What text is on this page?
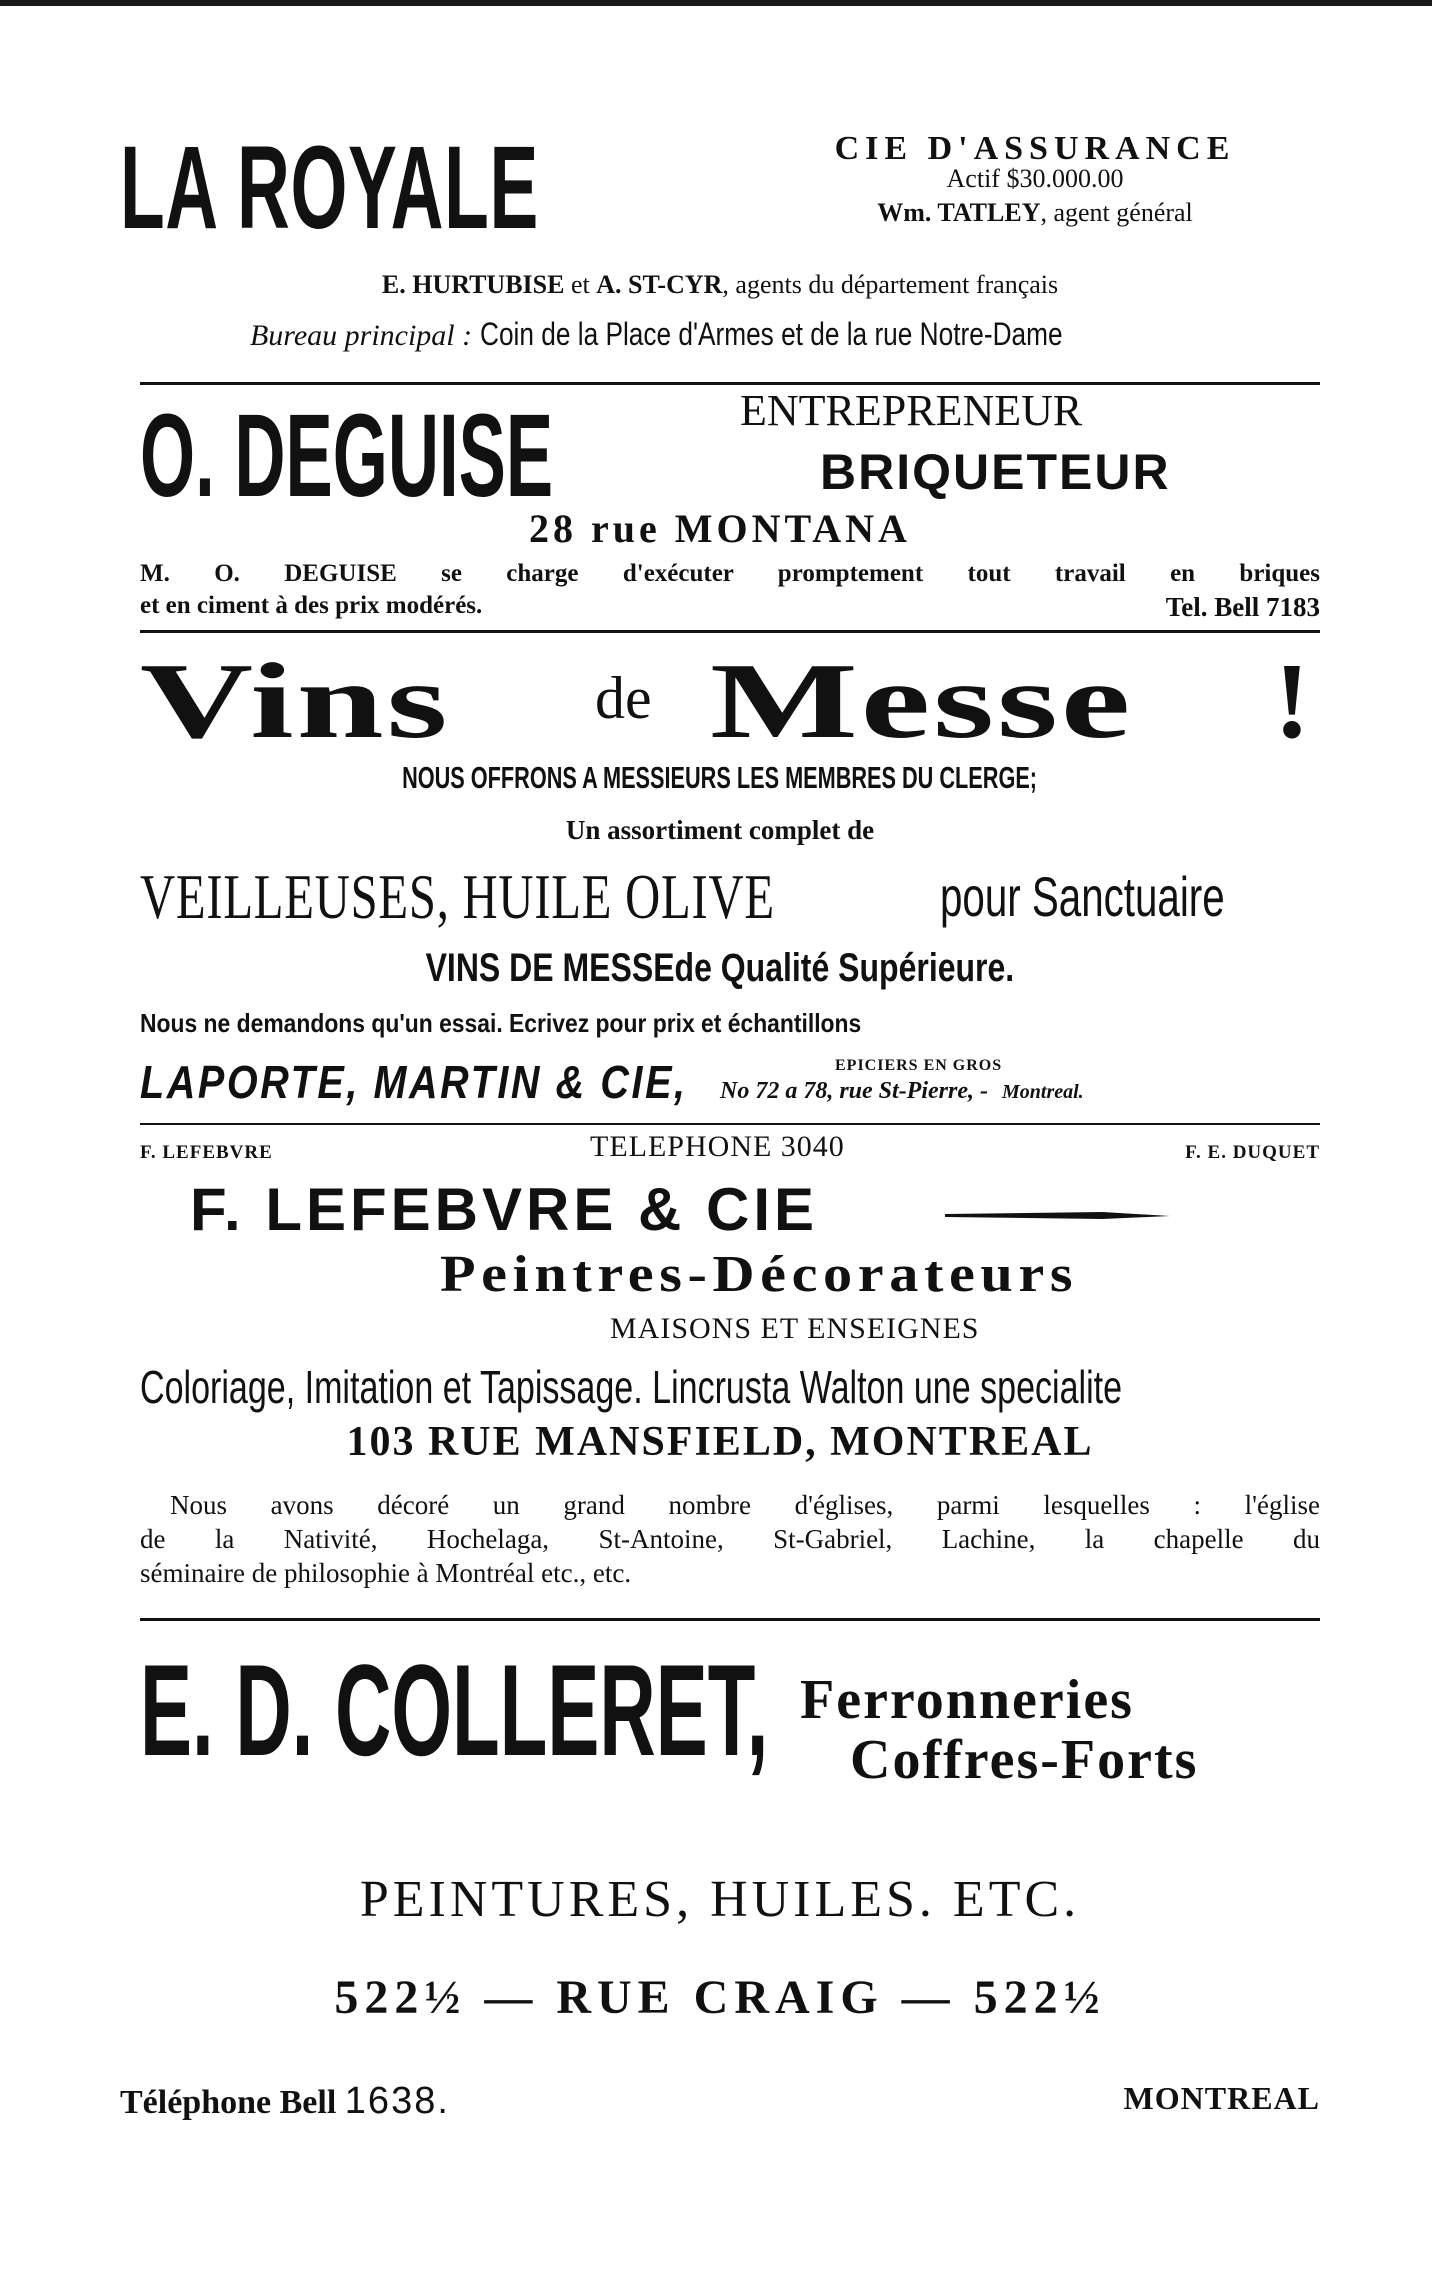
LA ROYALE	CIE D'ASSURANCE
Actif $30.000.00
Wm. TATLEY, agent général
E. HURTUBISE et A. ST-CYR, agents du département français
Bureau principal : Coin de la Place d'Armes et de la rue Notre-Dame
O. DEGUISE	ENTREPRENEUR
BRIQUETEUR
28 rue MONTANA
M. O. DEGUISE se charge d'exécuter promptement tout travail en briques
et en ciment à des prix modérés.	Tel. Bell 7183
Vins de Messe !
NOUS OFFRONS A MESSIEURS LES MEMBRES DU CLERGE;
Un assortiment complet de
VEILLEUSES, HUILE OLIVE	pour Sanctuaire
VINS DE MESSEde Qualité Supérieure.
Nous ne demandons qu'un essai. Ecrivez pour prix et échantillons
LAPORTE, MARTIN & CIE,	EPICIERS EN GROS
No 72 a 78, rue St-Pierre, - Montreal.
F. LEFEBVRE	TELEPHONE 3040	F. E. DUQUET
F. LEFEBVRE & CIE
Peintres-Décorateurs
MAISONS ET ENSEIGNES
Coloriage, Imitation et Tapissage. Lincrusta Walton une specialite
103 RUE MANSFIELD, MONTREAL
Nous avons décoré un grand nombre d'églises, parmi lesquelles : l'église
de la Nativité, Hochelaga, St-Antoine, St-Gabriel, Lachine, la chapelle du
séminaire de philosophie à Montréal etc., etc.
E. D. COLLERET, Ferronneries
Coffres-Forts
PEINTURES, HUILES. ETC.
522½ — RUE CRAIG — 522½
Téléphone Bell 1638.	MONTREAL
